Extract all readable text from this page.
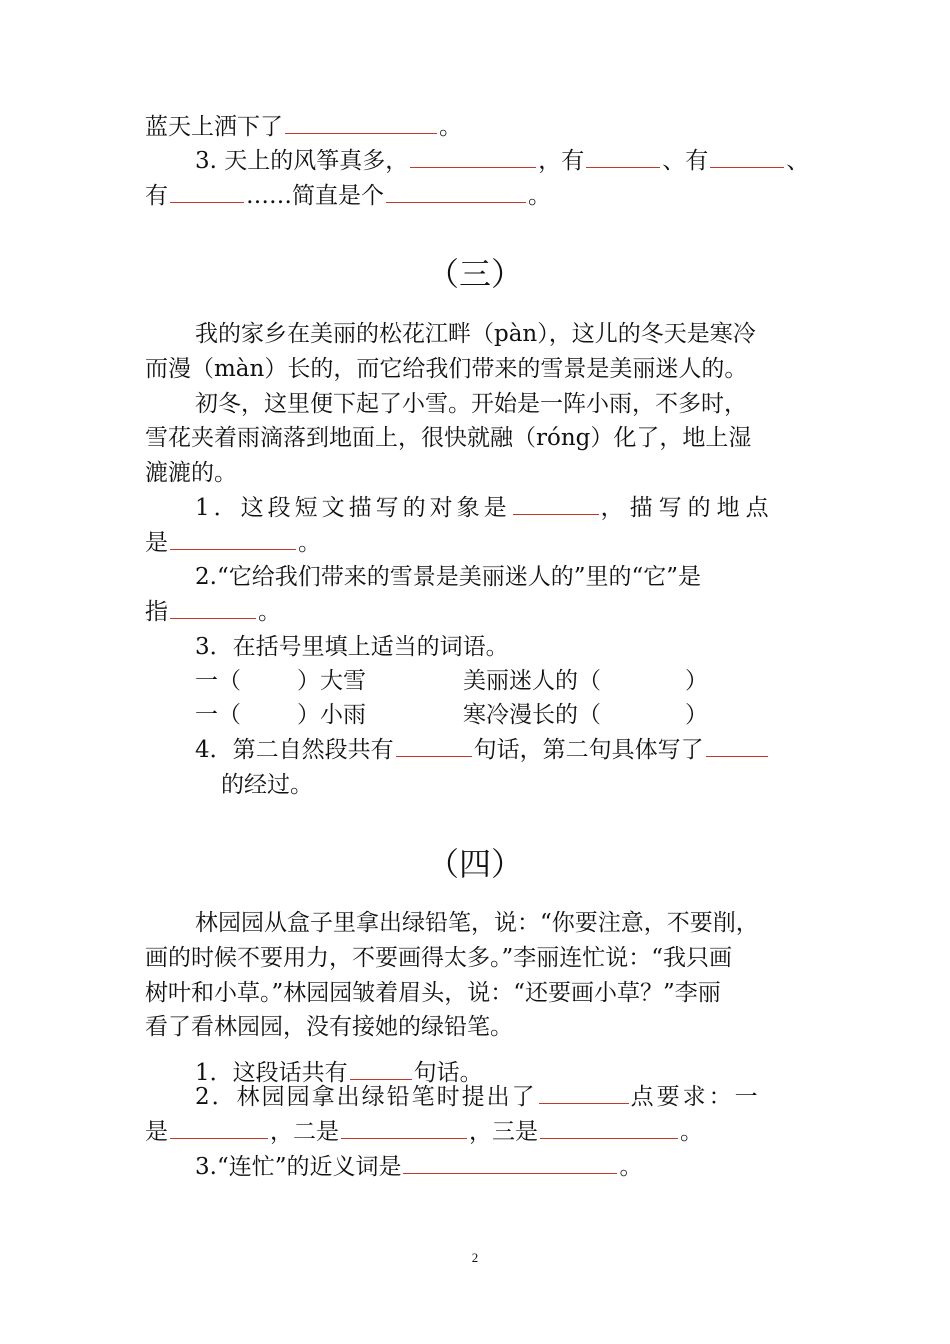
蓝天上洒下了	。
3. 天上的风筝真多，	，有	、有	、
有	……简直是个	。
（三）
我的家乡在美丽的松花江畔（pàn），这儿的冬天是寒冷
而漫（màn）长的，而它给我们带来的雪景是美丽迷人的。
初冬，这里便下起了小雪。开始是一阵小雨，不多时，
雪花夹着雨滴落到地面上，很快就融（róng）化了，地上湿
漉漉的。
1．这段短文描写的对象是	，描写的地点
是	。
2.“它给我们带来的雪景是美丽迷人的”里的“它”是
指	。
3．在括号里填上适当的词语。
一（ ）大雪	美丽迷人的（	）
一（ ）小雨	寒冷漫长的（	）
4．第二自然段共有	句话，第二句具体写了
的经过。
（四）
林园园从盒子里拿出绿铅笔，说：“你要注意，不要削，
画的时候不要用力，不要画得太多。”李丽连忙说：“我只画
树叶和小草。”林园园皱着眉头，说：“还要画小草？”李丽
看了看林园园，没有接她的绿铅笔。
1．这段话共有	句话。
2．林园园拿出绿铅笔时提出了	点要求：一
是	，二是	，三是	。
3.“连忙”的近义词是	。
2
